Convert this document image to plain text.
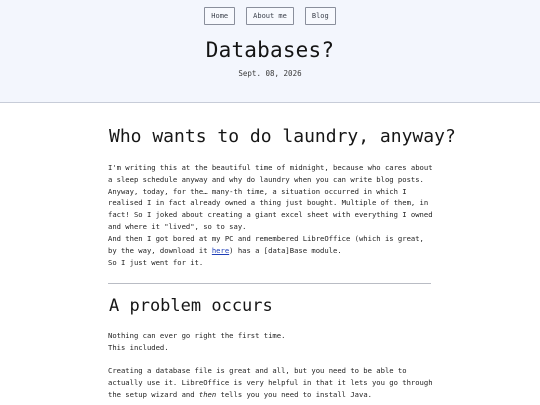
Home	About me	Blog
Databases?
Sept. 08, 2026
Who wants to do laundry, anyway?

I'm writing this at the beautiful time of midnight, because who cares about a sleep schedule anyway and why do laundry when you can write blog posts. Anyway, today, for the… many-th time, a situation occurred in which I realised I in fact already owned a thing just bought. Multiple of them, in fact! So I joked about creating a giant excel sheet with everything I owned and where it "lived", so to say.

And then I got bored at my PC and remembered LibreOffice (which is great, by the way, download it here) has a [data]Base module.

So I just went for it.

A problem occurs

Nothing can ever go right the first time.

This included.

Creating a database file is great and all, but you need to be able to actually use it. LibreOffice is very helpful in that it lets you go through the setup wizard and then tells you you need to install Java.
